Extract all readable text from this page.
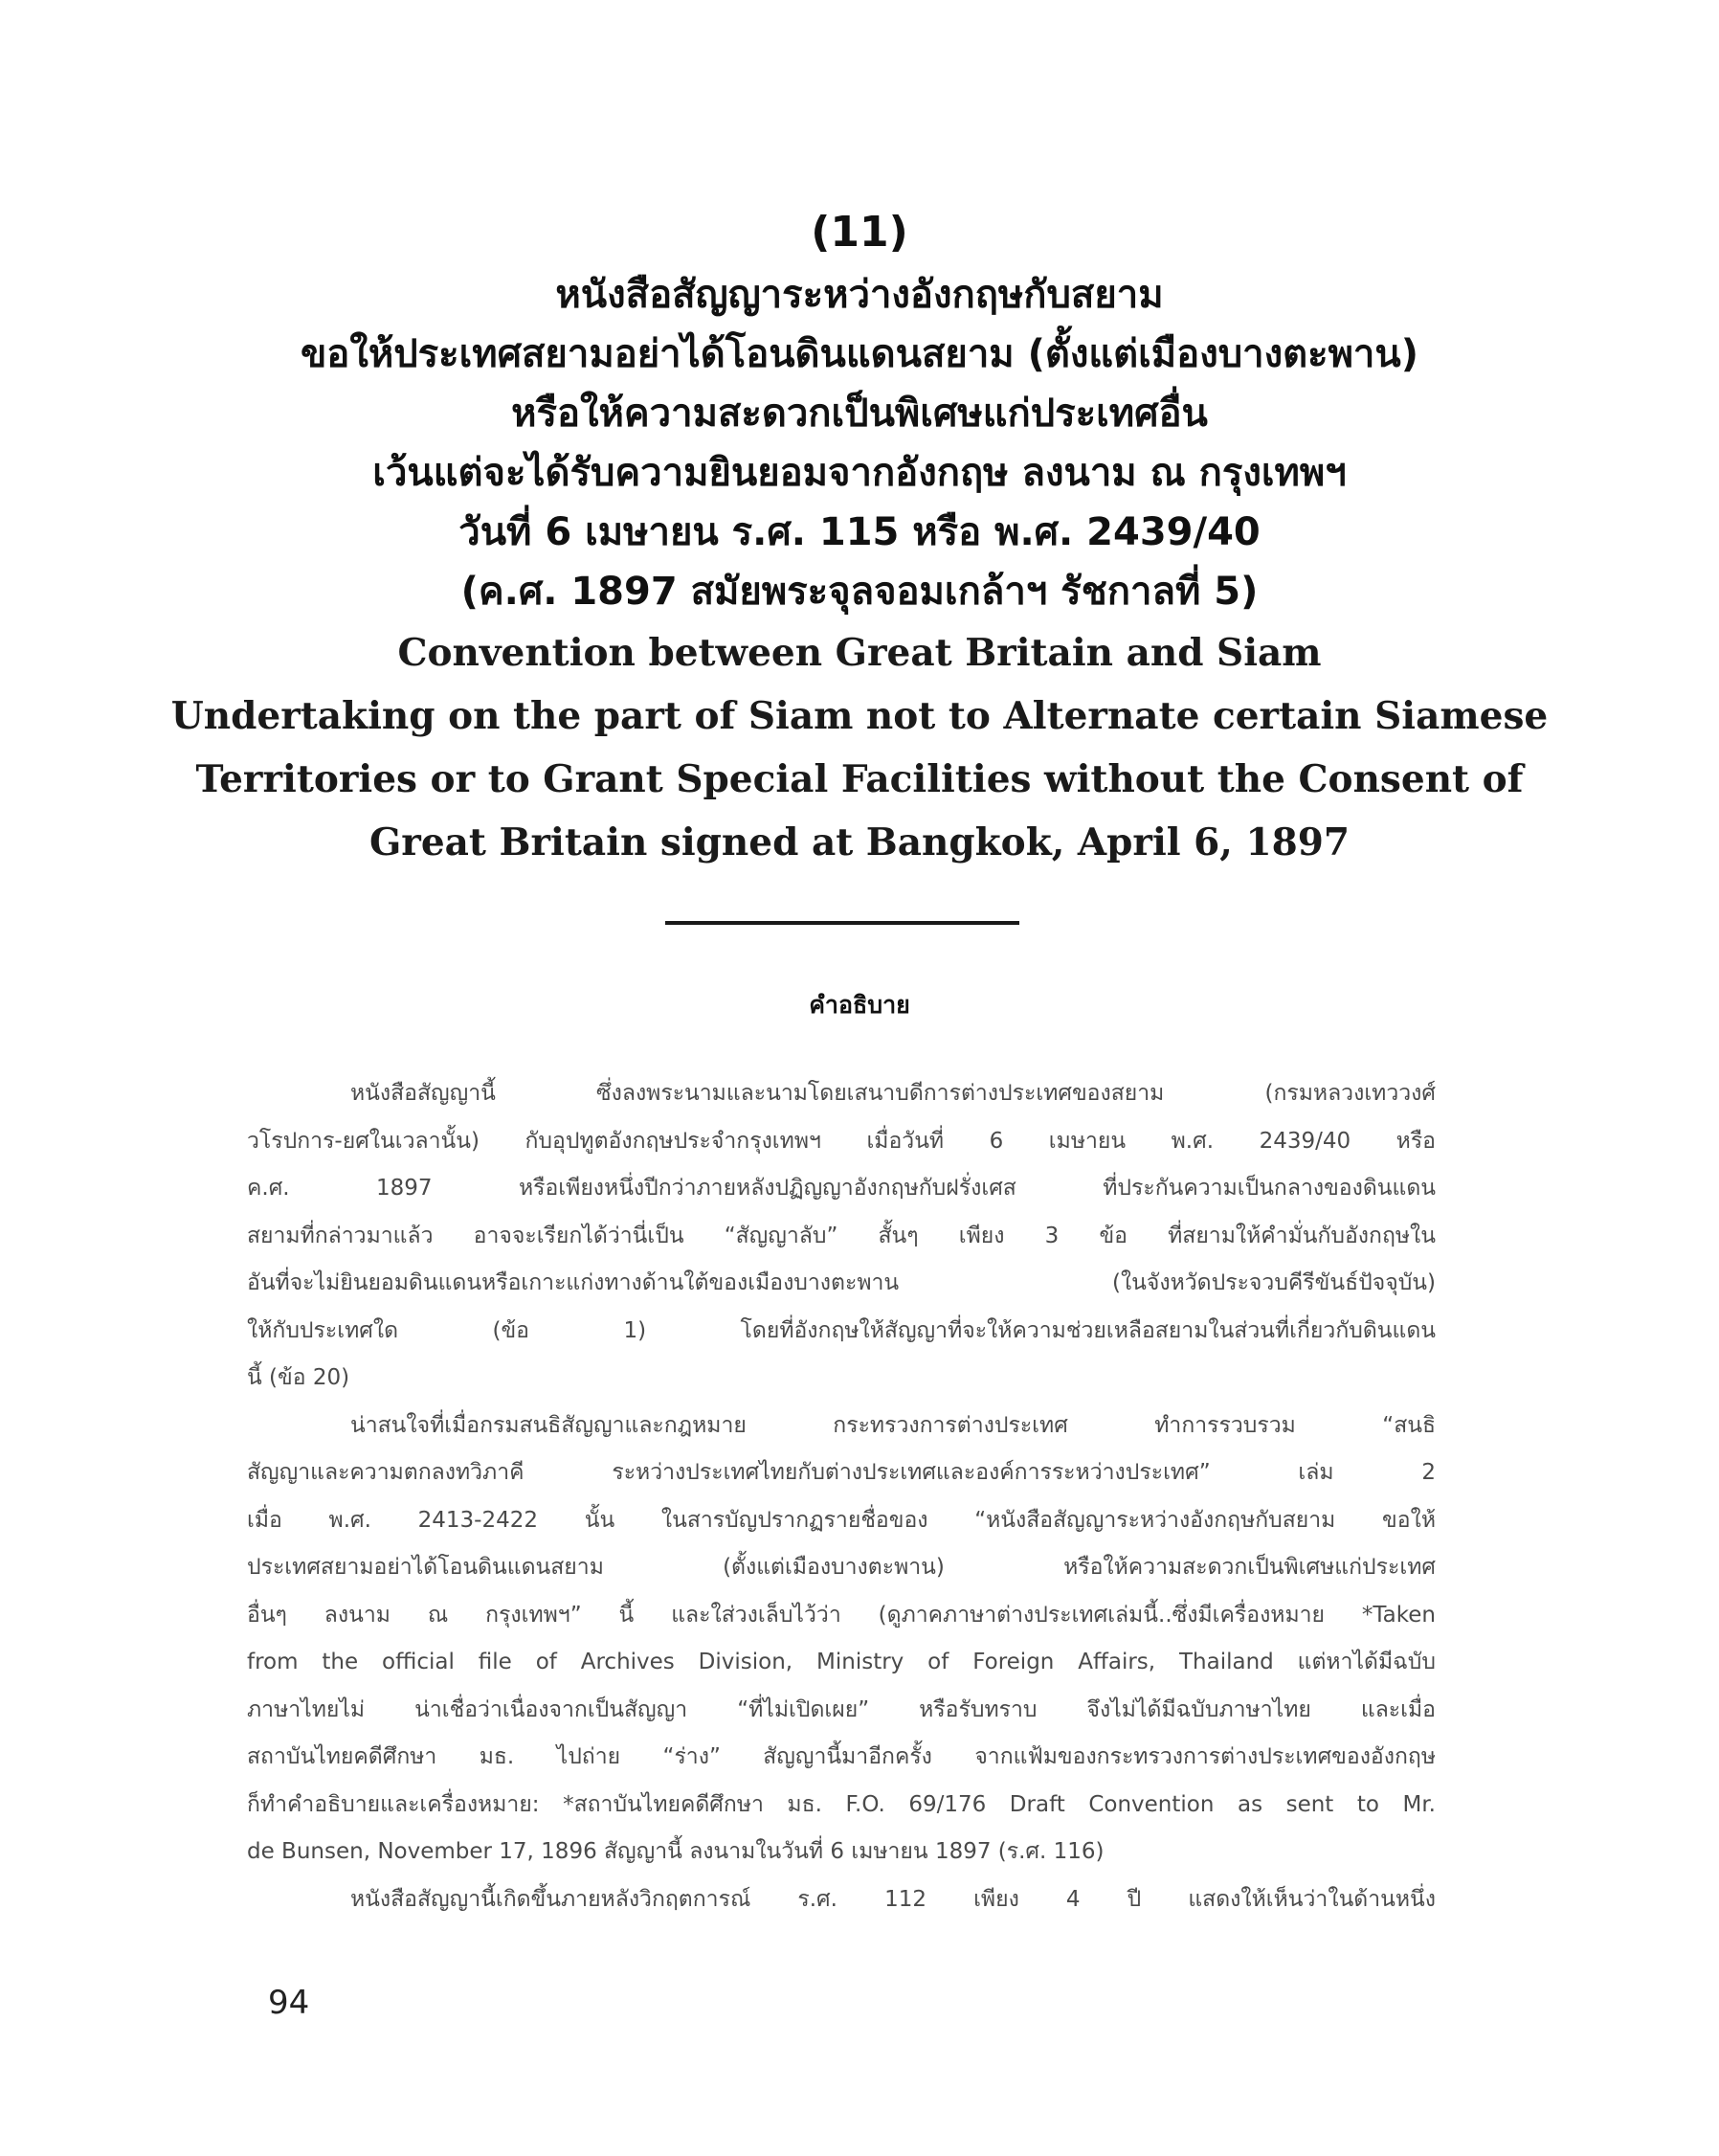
(11)
หนังสือสัญญาระหว่างอังกฤษกับสยาม
ขอให้ประเทศสยามอย่าได้โอนดินแดนสยาม (ตั้งแต่เมืองบางตะพาน)
หรือให้ความสะดวกเป็นพิเศษแก่ประเทศอื่น
เว้นแต่จะได้รับความยินยอมจากอังกฤษ ลงนาม ณ กรุงเทพฯ
วันที่ 6 เมษายน ร.ศ. 115 หรือ พ.ศ. 2439/40
(ค.ศ. 1897 สมัยพระจุลจอมเกล้าฯ รัชกาลที่ 5)
Convention between Great Britain and Siam
Undertaking on the part of Siam not to Alternate certain Siamese
Territories or to Grant Special Facilities without the Consent of
Great Britain signed at Bangkok, April 6, 1897
คำอธิบาย
หนังสือสัญญานี้ ซึ่งลงพระนามและนามโดยเสนาบดีการต่างประเทศของสยาม (กรมหลวงเทววงศ์
วโรปการ-ยศในเวลานั้น) กับอุปทูตอังกฤษประจำกรุงเทพฯ เมื่อวันที่ 6 เมษายน พ.ศ. 2439/40 หรือ
ค.ศ. 1897 หรือเพียงหนึ่งปีกว่าภายหลังปฏิญญาอังกฤษกับฝรั่งเศส ที่ประกันความเป็นกลางของดินแดน
สยามที่กล่าวมาแล้ว อาจจะเรียกได้ว่านี่เป็น “สัญญาลับ” สั้นๆ เพียง 3 ข้อ ที่สยามให้คำมั่นกับอังกฤษใน
อันที่จะไม่ยินยอมดินแดนหรือเกาะแก่งทางด้านใต้ของเมืองบางตะพาน (ในจังหวัดประจวบคีรีขันธ์ปัจจุบัน)
ให้กับประเทศใด (ข้อ 1) โดยที่อังกฤษให้สัญญาที่จะให้ความช่วยเหลือสยามในส่วนที่เกี่ยวกับดินแดน
นี้ (ข้อ 20)
น่าสนใจที่เมื่อกรมสนธิสัญญาและกฎหมาย กระทรวงการต่างประเทศ ทำการรวบรวม “สนธิ
สัญญาและความตกลงทวิภาคี ระหว่างประเทศไทยกับต่างประเทศและองค์การระหว่างประเทศ” เล่ม 2
เมื่อ พ.ศ. 2413-2422 นั้น ในสารบัญปรากฏรายชื่อของ “หนังสือสัญญาระหว่างอังกฤษกับสยาม ขอให้
ประเทศสยามอย่าได้โอนดินแดนสยาม (ตั้งแต่เมืองบางตะพาน) หรือให้ความสะดวกเป็นพิเศษแก่ประเทศ
อื่นๆ ลงนาม ณ กรุงเทพฯ” นี้ และใส่วงเล็บไว้ว่า (ดูภาคภาษาต่างประเทศเล่มนี้..ซึ่งมีเครื่องหมาย *Taken
from the official file of Archives Division, Ministry of Foreign Affairs, Thailand แต่หาได้มีฉบับ
ภาษาไทยไม่ น่าเชื่อว่าเนื่องจากเป็นสัญญา “ที่ไม่เปิดเผย” หรือรับทราบ จึงไม่ได้มีฉบับภาษาไทย และเมื่อ
สถาบันไทยคดีศึกษา มธ. ไปถ่าย “ร่าง” สัญญานี้มาอีกครั้ง จากแฟ้มของกระทรวงการต่างประเทศของอังกฤษ
ก็ทำคำอธิบายและเครื่องหมาย: *สถาบันไทยคดีศึกษา มธ. F.O. 69/176 Draft Convention as sent to Mr.
de Bunsen, November 17, 1896 สัญญานี้ ลงนามในวันที่ 6 เมษายน 1897 (ร.ศ. 116)
หนังสือสัญญานี้เกิดขึ้นภายหลังวิกฤตการณ์ ร.ศ. 112 เพียง 4 ปี แสดงให้เห็นว่าในด้านหนึ่ง
94
